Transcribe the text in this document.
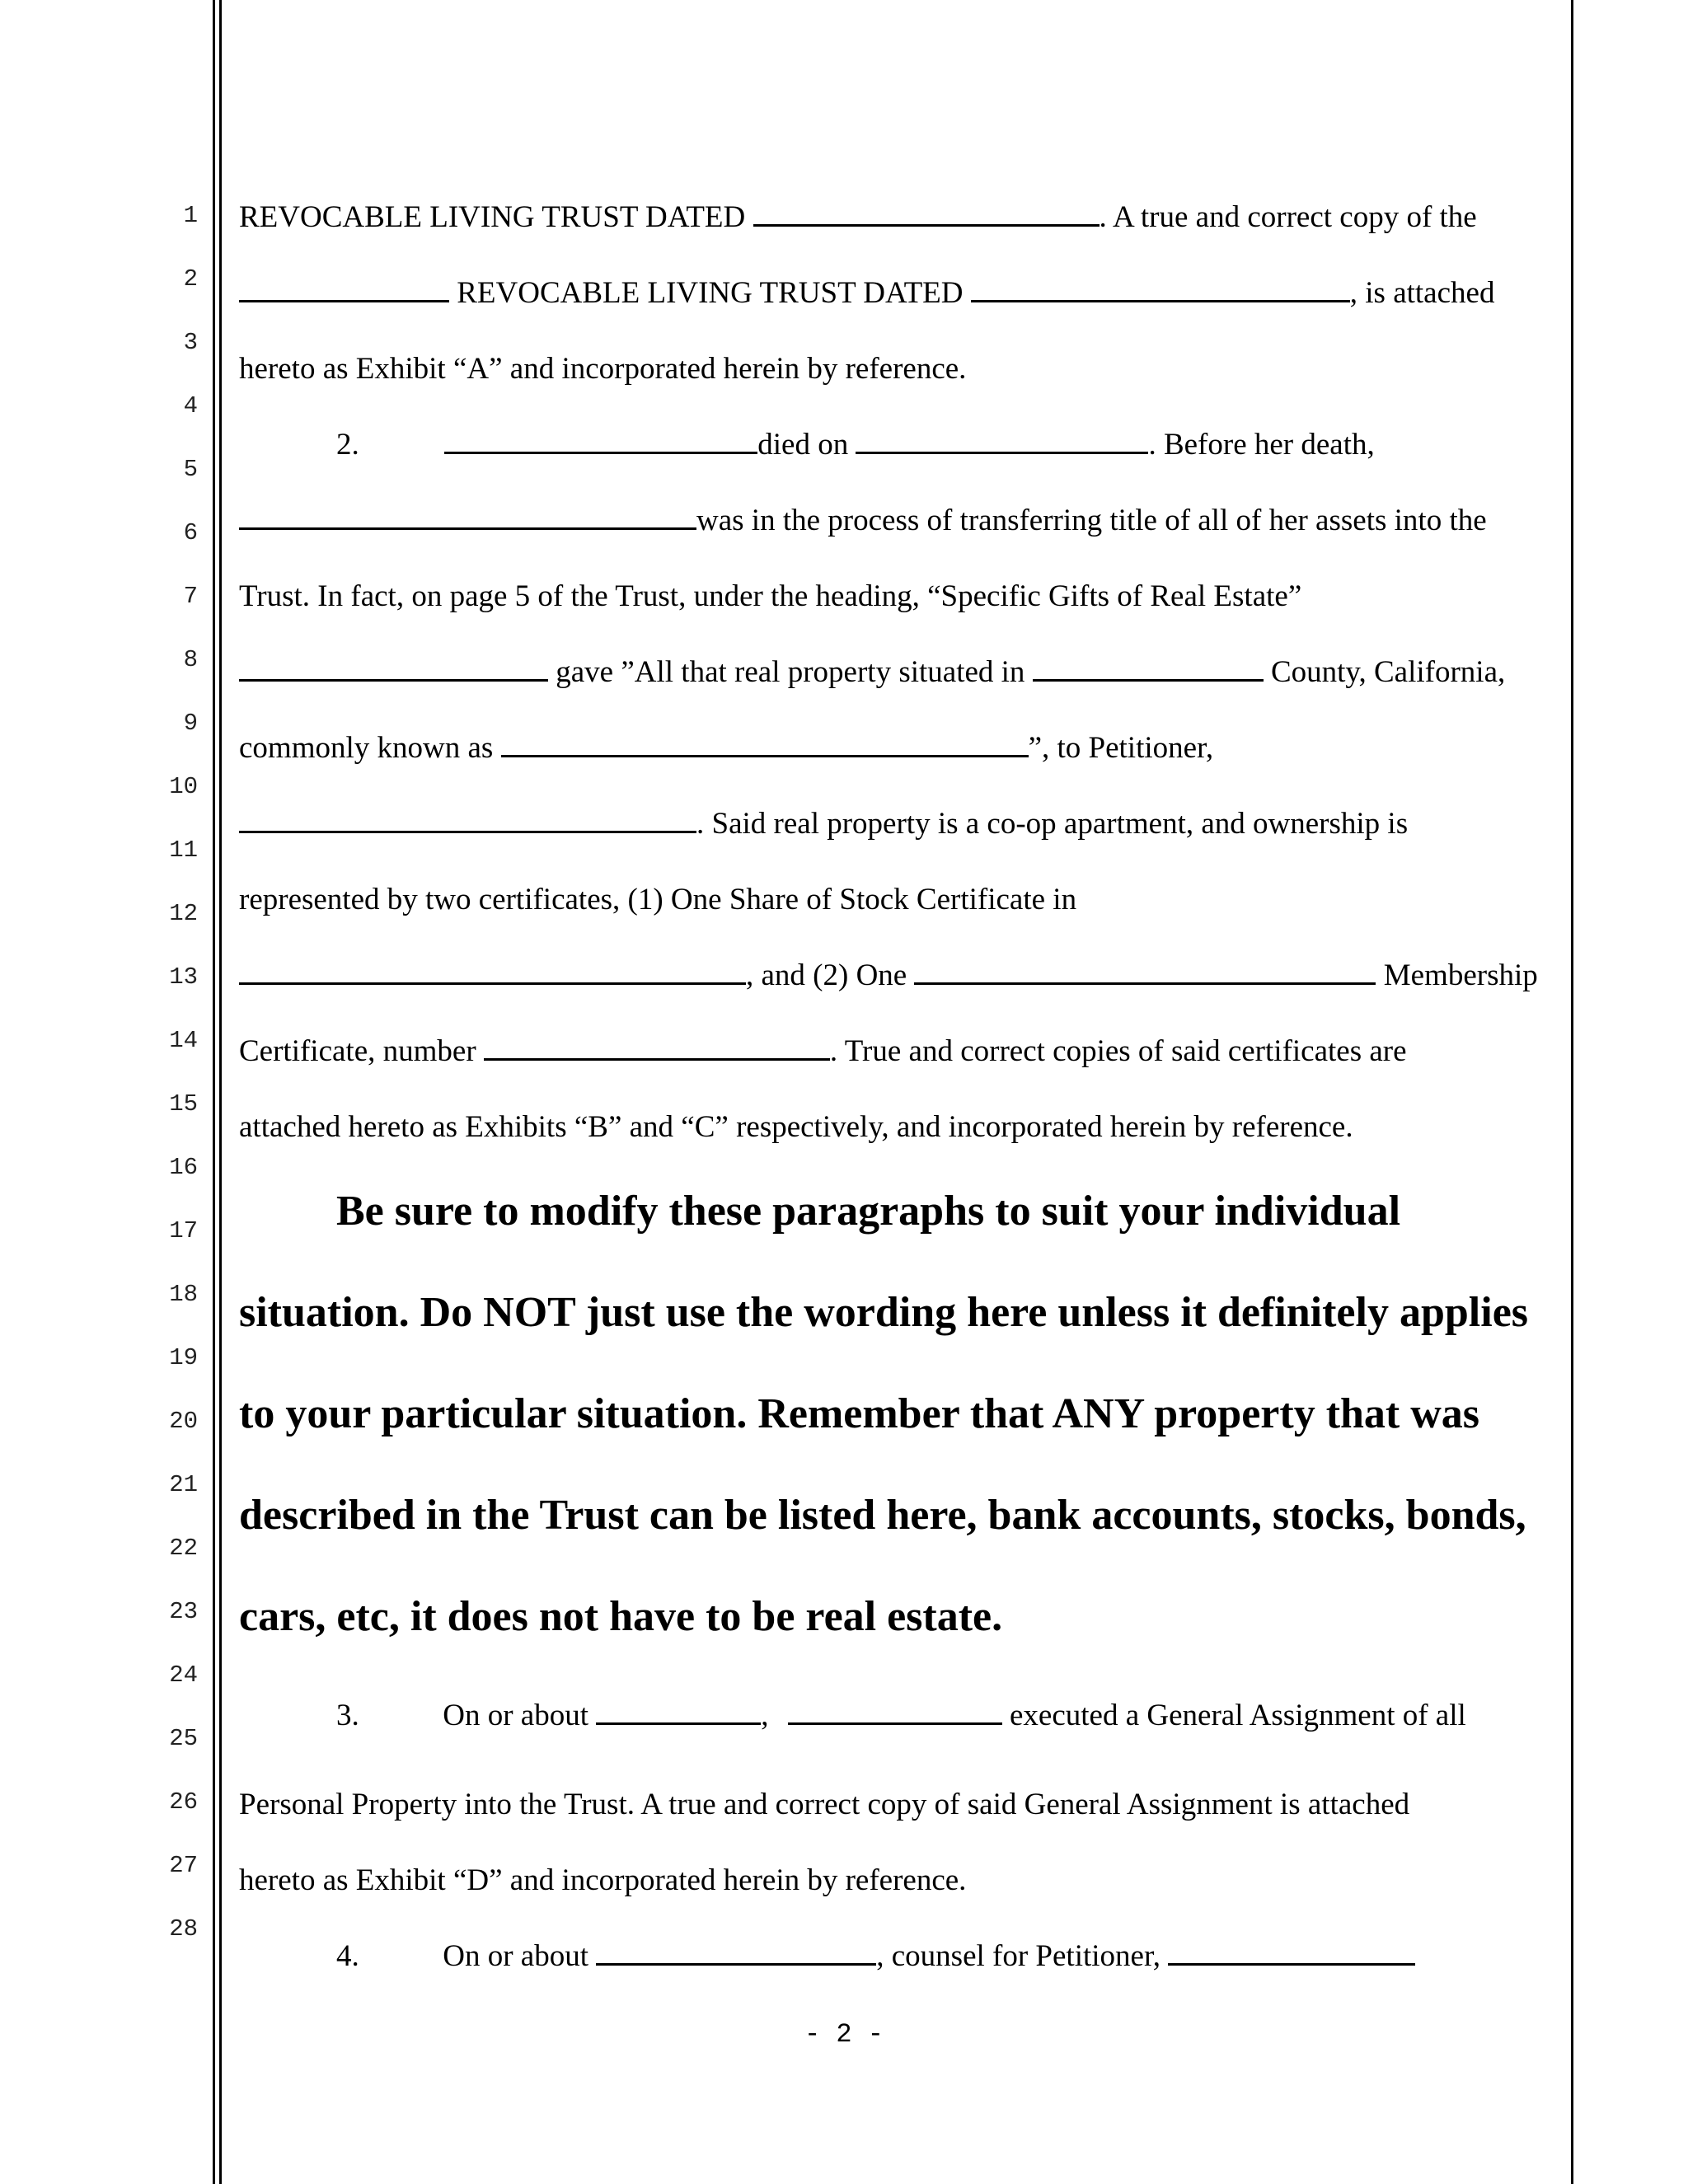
1
2
3
4
5
6
7
8
9
10
11
12
13
14
15
16
17
18
19
20
21
22
23
24
25
26
27
28
REVOCABLE LIVING TRUST DATED	. A true and correct copy of the
REVOCABLE LIVING TRUST DATED	, is attached
hereto as Exhibit “A” and incorporated herein by reference.
2.	died on	. Before her death,
was in the process of transferring title of all of her assets into the
Trust. In fact, on page 5 of the Trust, under the heading, “Specific Gifts of Real Estate”
gave ”All that real property situated in	County, California,
commonly known as	”, to Petitioner,
. Said real property is a co-op apartment, and ownership is
represented by two certificates, (1) One Share of Stock Certificate in
, and (2) One	Membership
Certificate, number	. True and correct copies of said certificates are
attached hereto as Exhibits “B” and “C” respectively, and incorporated herein by reference.
Be sure to modify these paragraphs to suit your individual
situation. Do NOT just use the wording here unless it definitely applies
to your particular situation. Remember that ANY property that was
described in the Trust can be listed here, bank accounts, stocks, bonds,
cars, etc, it does not have to be real estate.
3.	On or about	,	executed a General Assignment of all
Personal Property into the Trust. A true and correct copy of said General Assignment is attached
hereto as Exhibit “D” and incorporated herein by reference.
4.	On or about	, counsel for Petitioner,
- 2 -
